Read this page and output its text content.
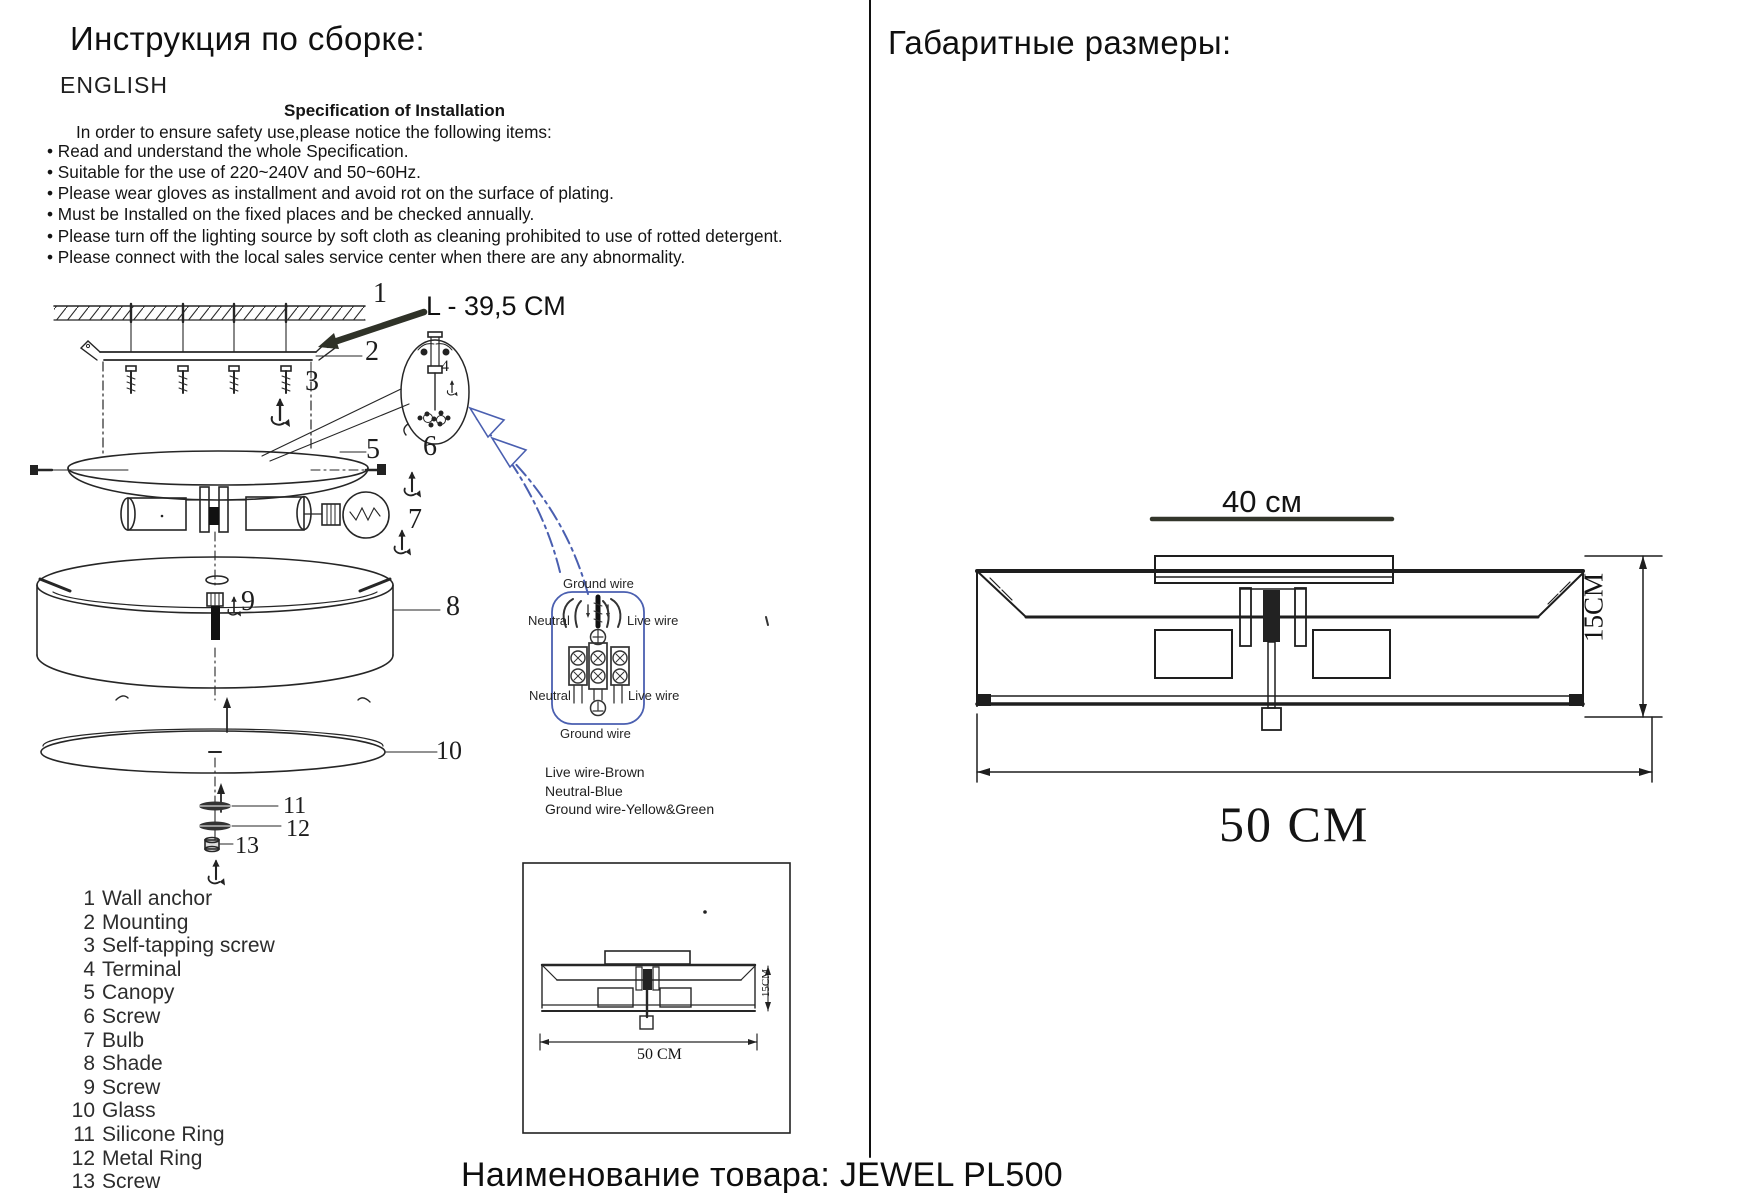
Инструкция по сборке:	Габаритные размеры:
ENGLISH
Specification of Installation
In order to ensure safety use,please notice the following items:
• Read and understand the whole Specification.
• Suitable for the use of 220~240V and 50~60Hz.
• Please wear gloves as installment and avoid rot on the surface of plating.
• Must be Installed on the fixed places and be checked annually.
• Please turn off the lighting source by soft cloth as cleaning prohibited to use of rotted detergent.
• Please connect with the local sales service center when there are any abnormality.
L - 39,5 СМ
1
2
3	4
5 6
7
8
9
10
11
12
13
Ground wire
Neutral	Live wire
Neutral	Live wire
Ground wire
Live wire-Brown
Neutral-Blue
Ground wire-Yellow&Green
1 Wall anchor
2 Mounting
3 Self-tapping screw
4 Terminal
5 Canopy
6 Screw
7 Bulb
8 Shade
9 Screw
10 Glass
11 Silicone Ring
12 Metal Ring
13 Screw
15CM
50 CM
40 см
15CM
50 CM
Наименование товара: JEWEL PL500
